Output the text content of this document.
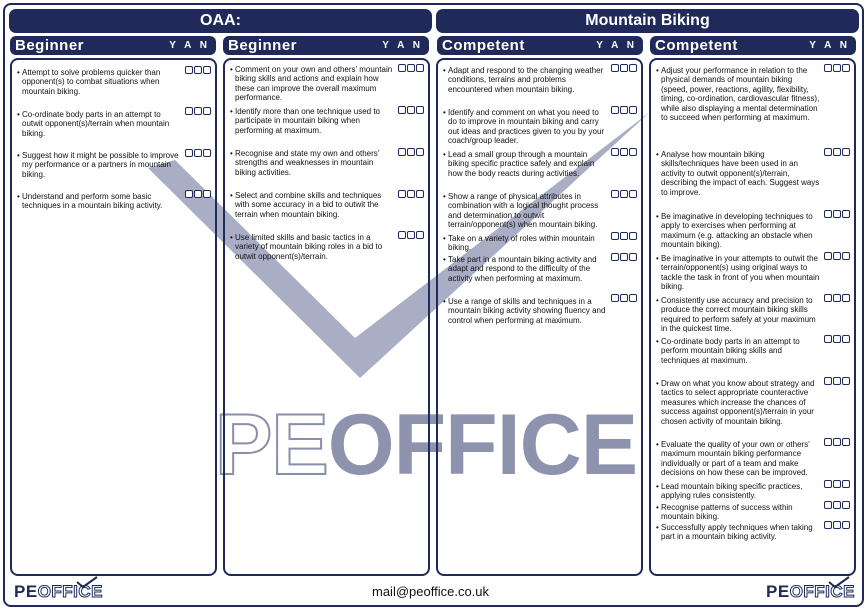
PEOFFICE
OAA:	Mountain Biking
Beginner	Y A N Beginner	Y A N Competent	Y A N Competent	Y A N
• Attempt to solve problems quicker than opponent(s) to combat situations when mountain biking.
• Co-ordinate body parts in an attempt to outwit opponent(s)/terrain when mountain biking.
• Suggest how it might be possible to improve my performance or a partners in mountain biking.
• Understand and perform some basic techniques in a mountain biking activity.
• Comment on your own and others' mountain biking skills and actions and explain how these can improve the overall maximum performance.
• Identify more than one technique used to participate in mountain biking when performing at maximum.
• Recognise and state my own and others' strengths and weaknesses in mountain biking activities.
• Select and combine skills and techniques with some accuracy in a bid to outwit the terrain when mountain biking.
• Use limited skills and basic tactics in a variety of mountain biking roles in a bid to outwit opponent(s)/terrain.
• Adapt and respond to the changing weather conditions, terrains and problems encountered when mountain biking.
• Identify and comment on what you need to do to improve in mountain biking and carry out ideas and practices given to you by your coach/group leader.
• Lead a small group through a mountain biking specific practice safely and explain how the body reacts during activities.
• Show a range of physical attributes in combination with a logical thought process and determination to outwit terrain/opponent(s) when mountain biking.
• Take on a variety of roles within mountain biking.
• Take part in a mountain biking activity and adapt and respond to the difficulty of the activity when performing at maximum.
• Use a range of skills and techniques in a mountain biking activity showing fluency and control when performing at maximum.
• Adjust your performance in relation to the physical demands of mountain biking (speed, power, reactions, agility, flexibility, timing, co-ordination, cardiovascular fitness), while also displaying a mental determination to succeed when performing at maximum.
• Analyse how mountain biking skills/techniques have been used in an activity to outwit opponent(s)/terrain, describing the impact of each. Suggest ways to improve.
• Be imaginative in developing techniques to apply to exercises when performing at maximum (e.g. attacking an obstacle when mountain biking).
• Be imaginative in your attempts to outwit the terrain/opponent(s) using original ways to tackle the task in front of you when mountain biking.
• Consistently use accuracy and precision to produce the correct mountain biking skills required to perform safely at your maximum in the quickest time.
• Co-ordinate body parts in an attempt to perform mountain biking skills and techniques at maximum.
• Draw on what you know about strategy and tactics to select appropriate counteractive measures which increase the chances of success against opponent(s)/terrain in your chosen activity of mountain biking.
• Evaluate the quality of your own or others' maximum mountain biking performance individually or part of a team and make decisions on how these can be improved.
• Lead mountain biking specific practices, applying rules consistently.
• Recognise patterns of success within mountain biking.
• Successfully apply techniques when taking part in a mountain biking activity.
PEOFFICE	mail@peoffice.co.uk	PEOFFICE
